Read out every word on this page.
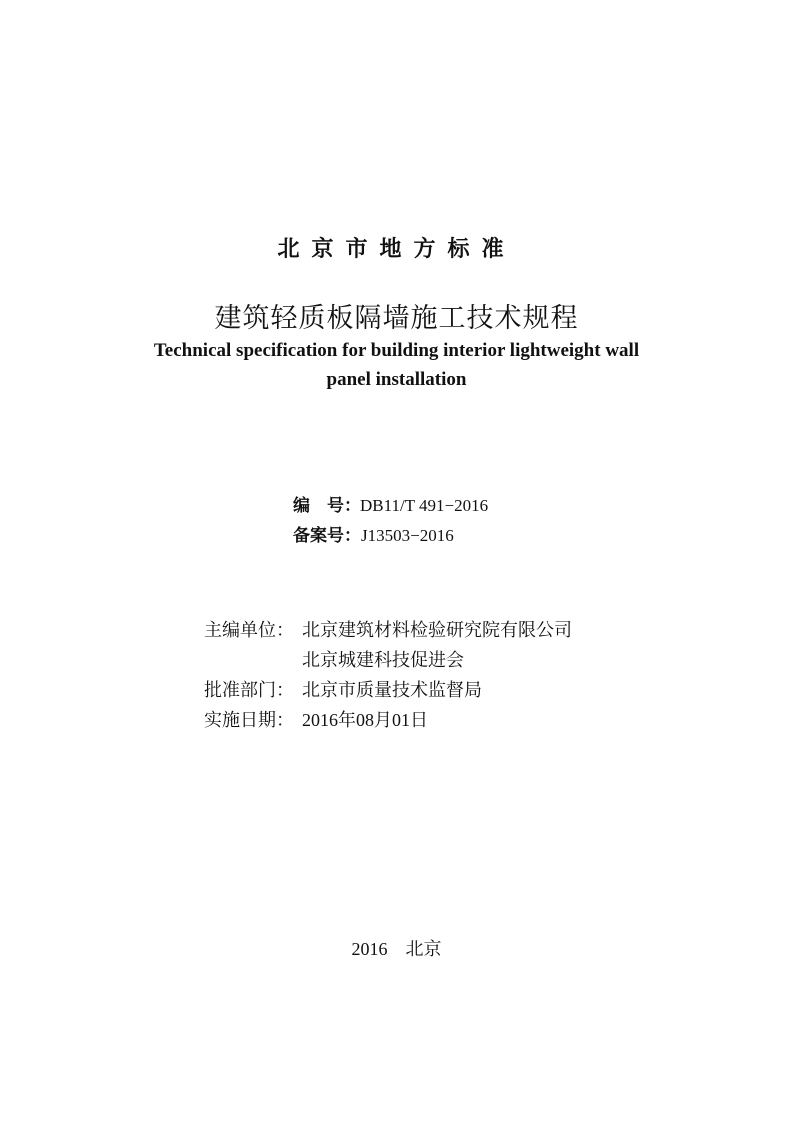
北京市地方标准
建筑轻质板隔墙施工技术规程
Technical specification for building interior lightweight wall
panel installation
编　号：DB11/T 491−2016
备案号：J13503−2016
主编单位： 北京建筑材料检验研究院有限公司
北京城建科技促进会
批准部门： 北京市质量技术监督局
实施日期： 2016年08月01日
2016 北京
